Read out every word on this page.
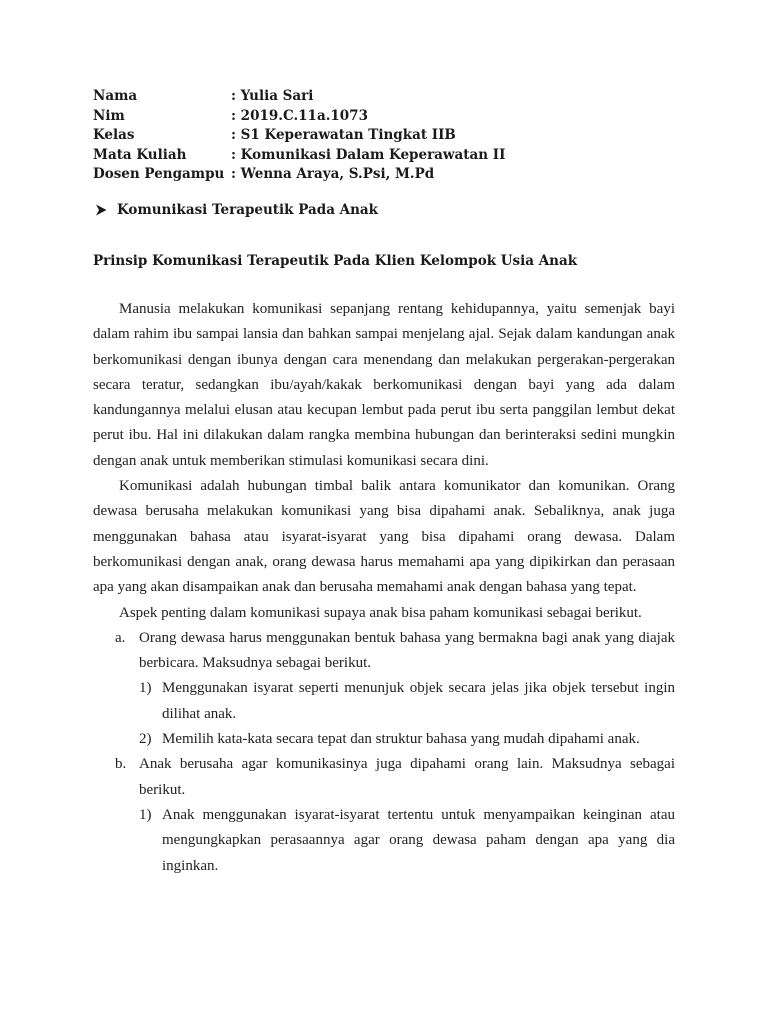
Nama	: Yulia Sari
Nim	: 2019.C.11a.1073
Kelas	: S1 Keperawatan Tingkat IIB
Mata Kuliah	: Komunikasi Dalam Keperawatan II
Dosen Pengampu : Wenna Araya, S.Psi, M.Pd
Komunikasi Terapeutik Pada Anak
Prinsip Komunikasi Terapeutik Pada Klien Kelompok Usia Anak

Manusia melakukan komunikasi sepanjang rentang kehidupannya, yaitu semenjak bayi dalam rahim ibu sampai lansia dan bahkan sampai menjelang ajal. Sejak dalam kandungan anak berkomunikasi dengan ibunya dengan cara menendang dan melakukan pergerakan-pergerakan secara teratur, sedangkan ibu/ayah/kakak berkomunikasi dengan bayi yang ada dalam kandungannya melalui elusan atau kecupan lembut pada perut ibu serta panggilan lembut dekat perut ibu. Hal ini dilakukan dalam rangka membina hubungan dan berinteraksi sedini mungkin dengan anak untuk memberikan stimulasi komunikasi secara dini.

Komunikasi adalah hubungan timbal balik antara komunikator dan komunikan. Orang dewasa berusaha melakukan komunikasi yang bisa dipahami anak. Sebaliknya, anak juga menggunakan bahasa atau isyarat-isyarat yang bisa dipahami orang dewasa. Dalam berkomunikasi dengan anak, orang dewasa harus memahami apa yang dipikirkan dan perasaan apa yang akan disampaikan anak dan berusaha memahami anak dengan bahasa yang tepat.

Aspek penting dalam komunikasi supaya anak bisa paham komunikasi sebagai berikut.

a. Orang dewasa harus menggunakan bentuk bahasa yang bermakna bagi anak yang diajak berbicara. Maksudnya sebagai berikut.
1) Menggunakan isyarat seperti menunjuk objek secara jelas jika objek tersebut ingin dilihat anak.
2) Memilih kata-kata secara tepat dan struktur bahasa yang mudah dipahami anak.
b. Anak berusaha agar komunikasinya juga dipahami orang lain. Maksudnya sebagai berikut.
1) Anak menggunakan isyarat-isyarat tertentu untuk menyampaikan keinginan atau mengungkapkan perasaannya agar orang dewasa paham dengan apa yang dia inginkan.
